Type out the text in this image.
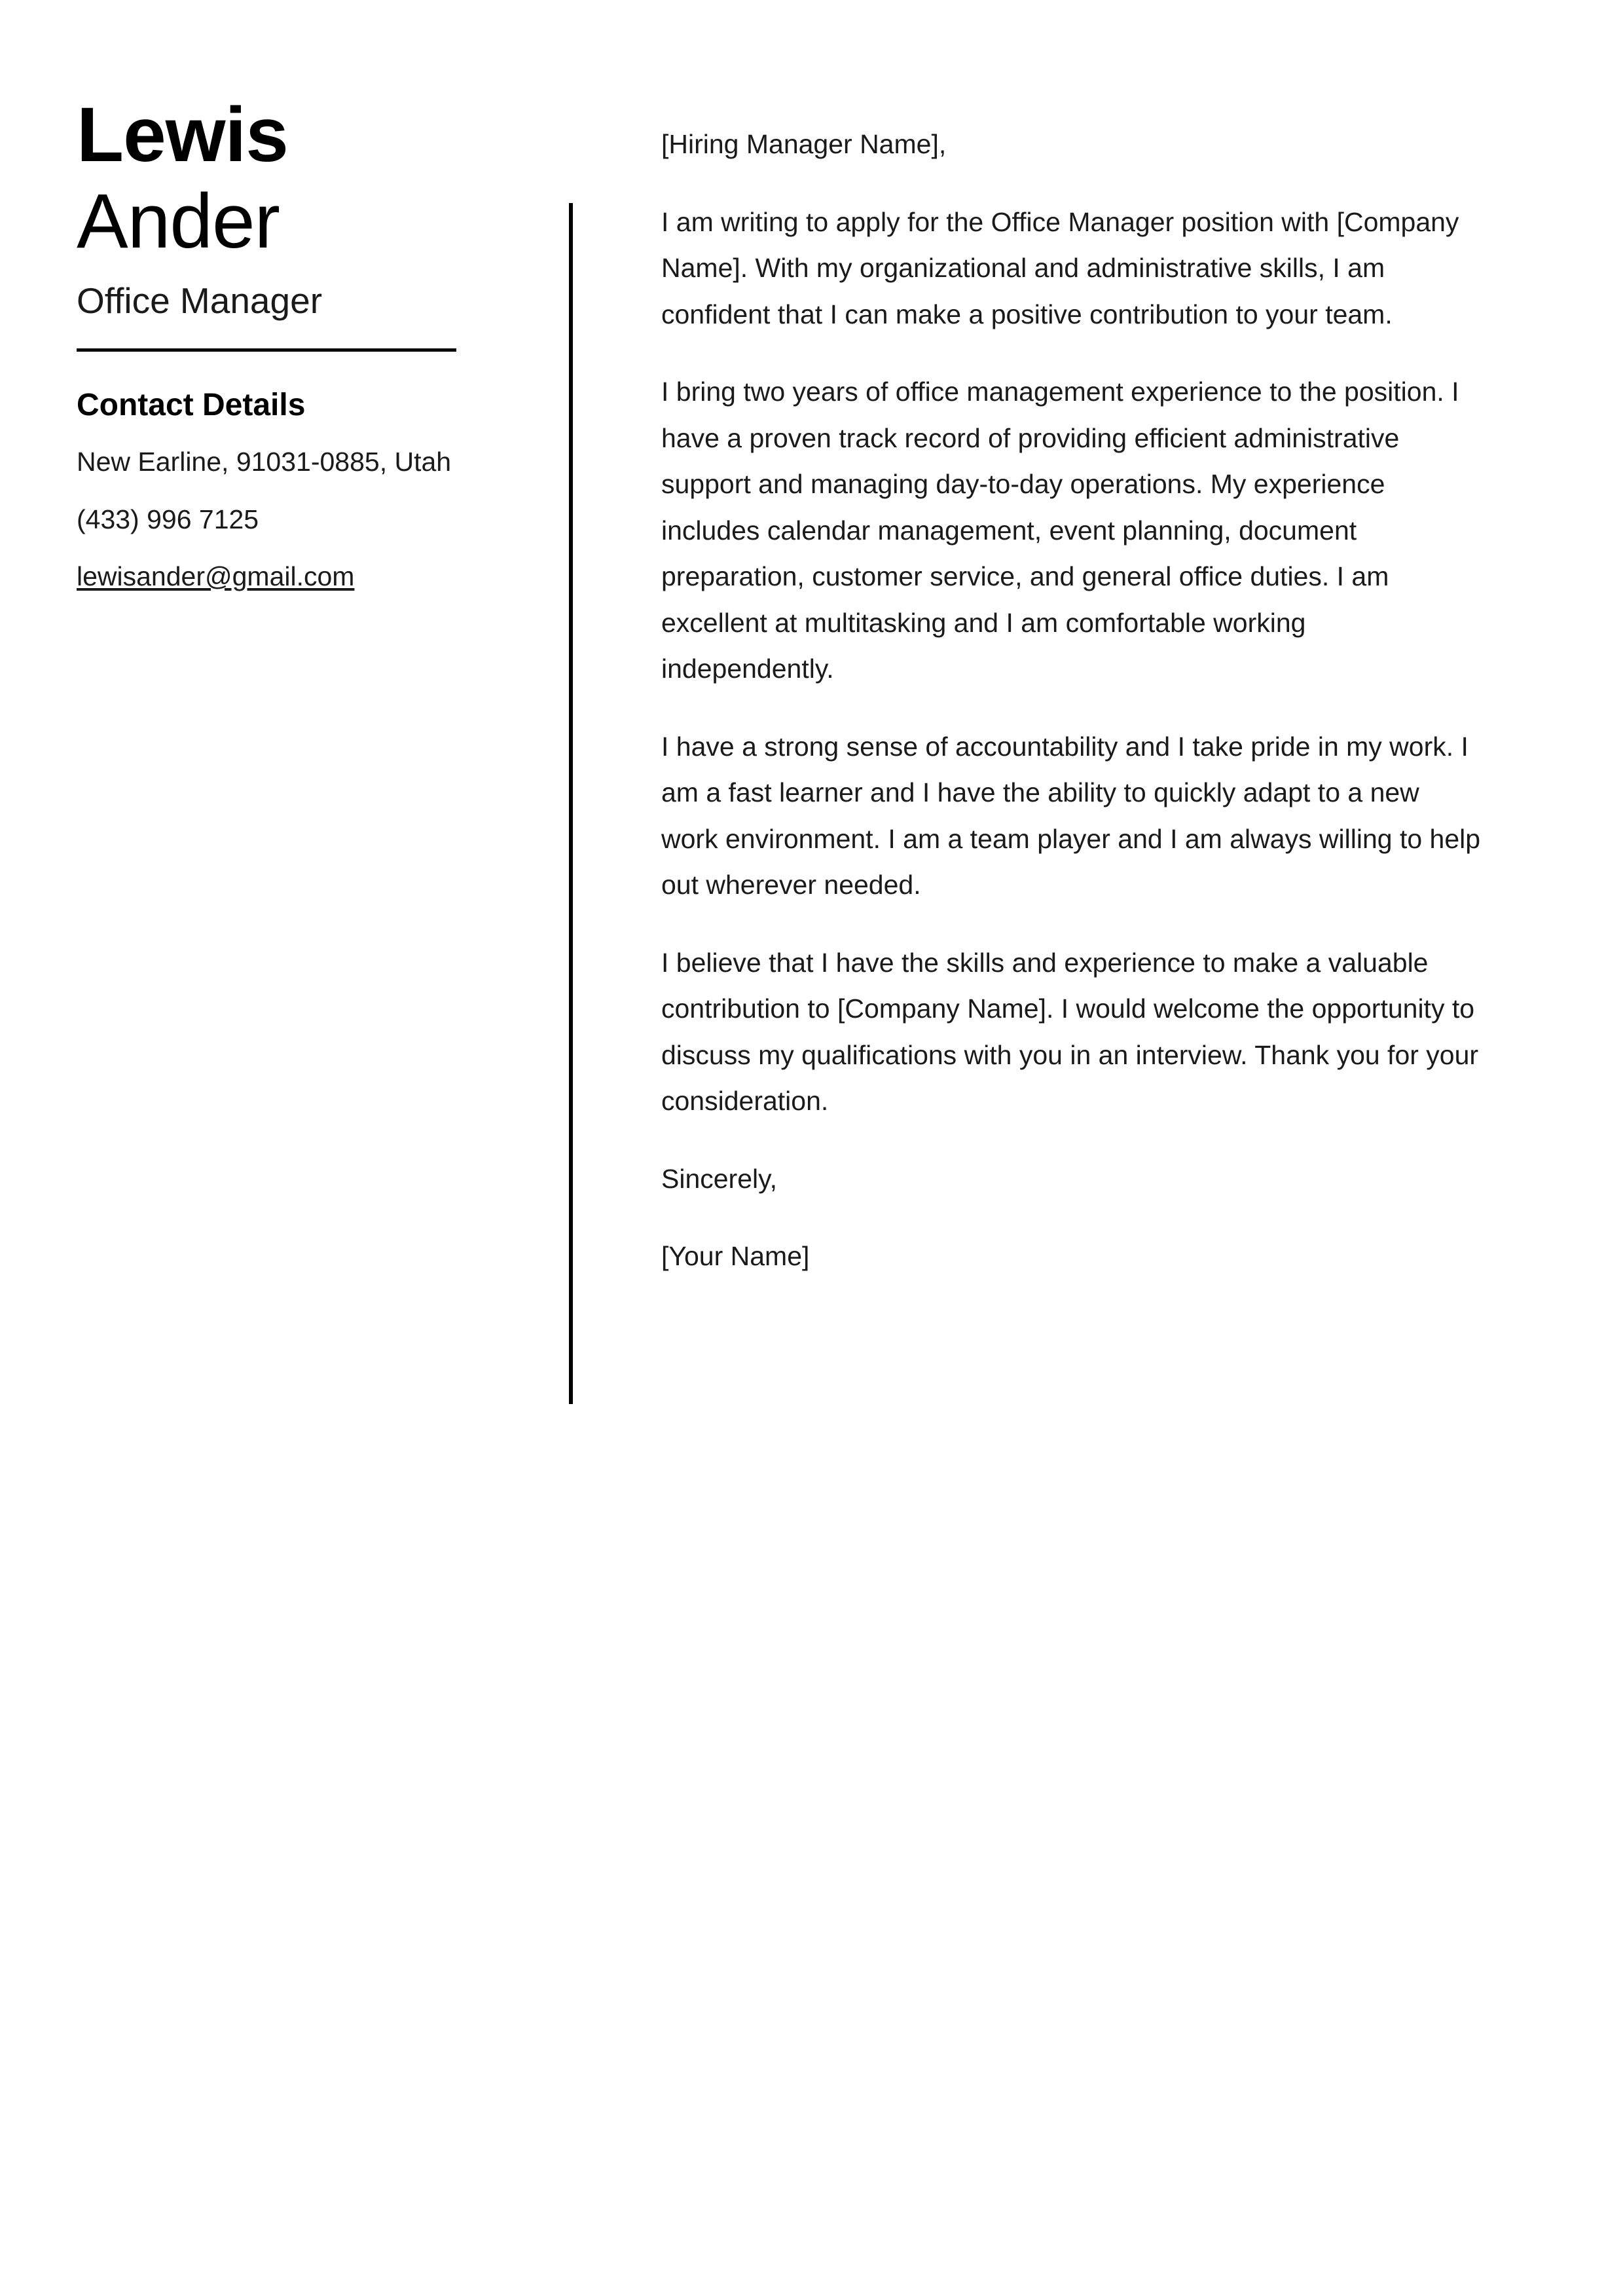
Lewis
Ander
Office Manager
Contact Details
New Earline, 91031-0885, Utah
(433) 996 7125
lewisander@gmail.com

[Hiring Manager Name],

I am writing to apply for the Office Manager position with [Company Name]. With my organizational and administrative skills, I am confident that I can make a positive contribution to your team.

I bring two years of office management experience to the position. I have a proven track record of providing efficient administrative support and managing day-to-day operations. My experience includes calendar management, event planning, document preparation, customer service, and general office duties. I am excellent at multitasking and I am comfortable working independently.

I have a strong sense of accountability and I take pride in my work. I am a fast learner and I have the ability to quickly adapt to a new work environment. I am a team player and I am always willing to help out wherever needed.

I believe that I have the skills and experience to make a valuable contribution to [Company Name]. I would welcome the opportunity to discuss my qualifications with you in an interview. Thank you for your consideration.

Sincerely,

[Your Name]
